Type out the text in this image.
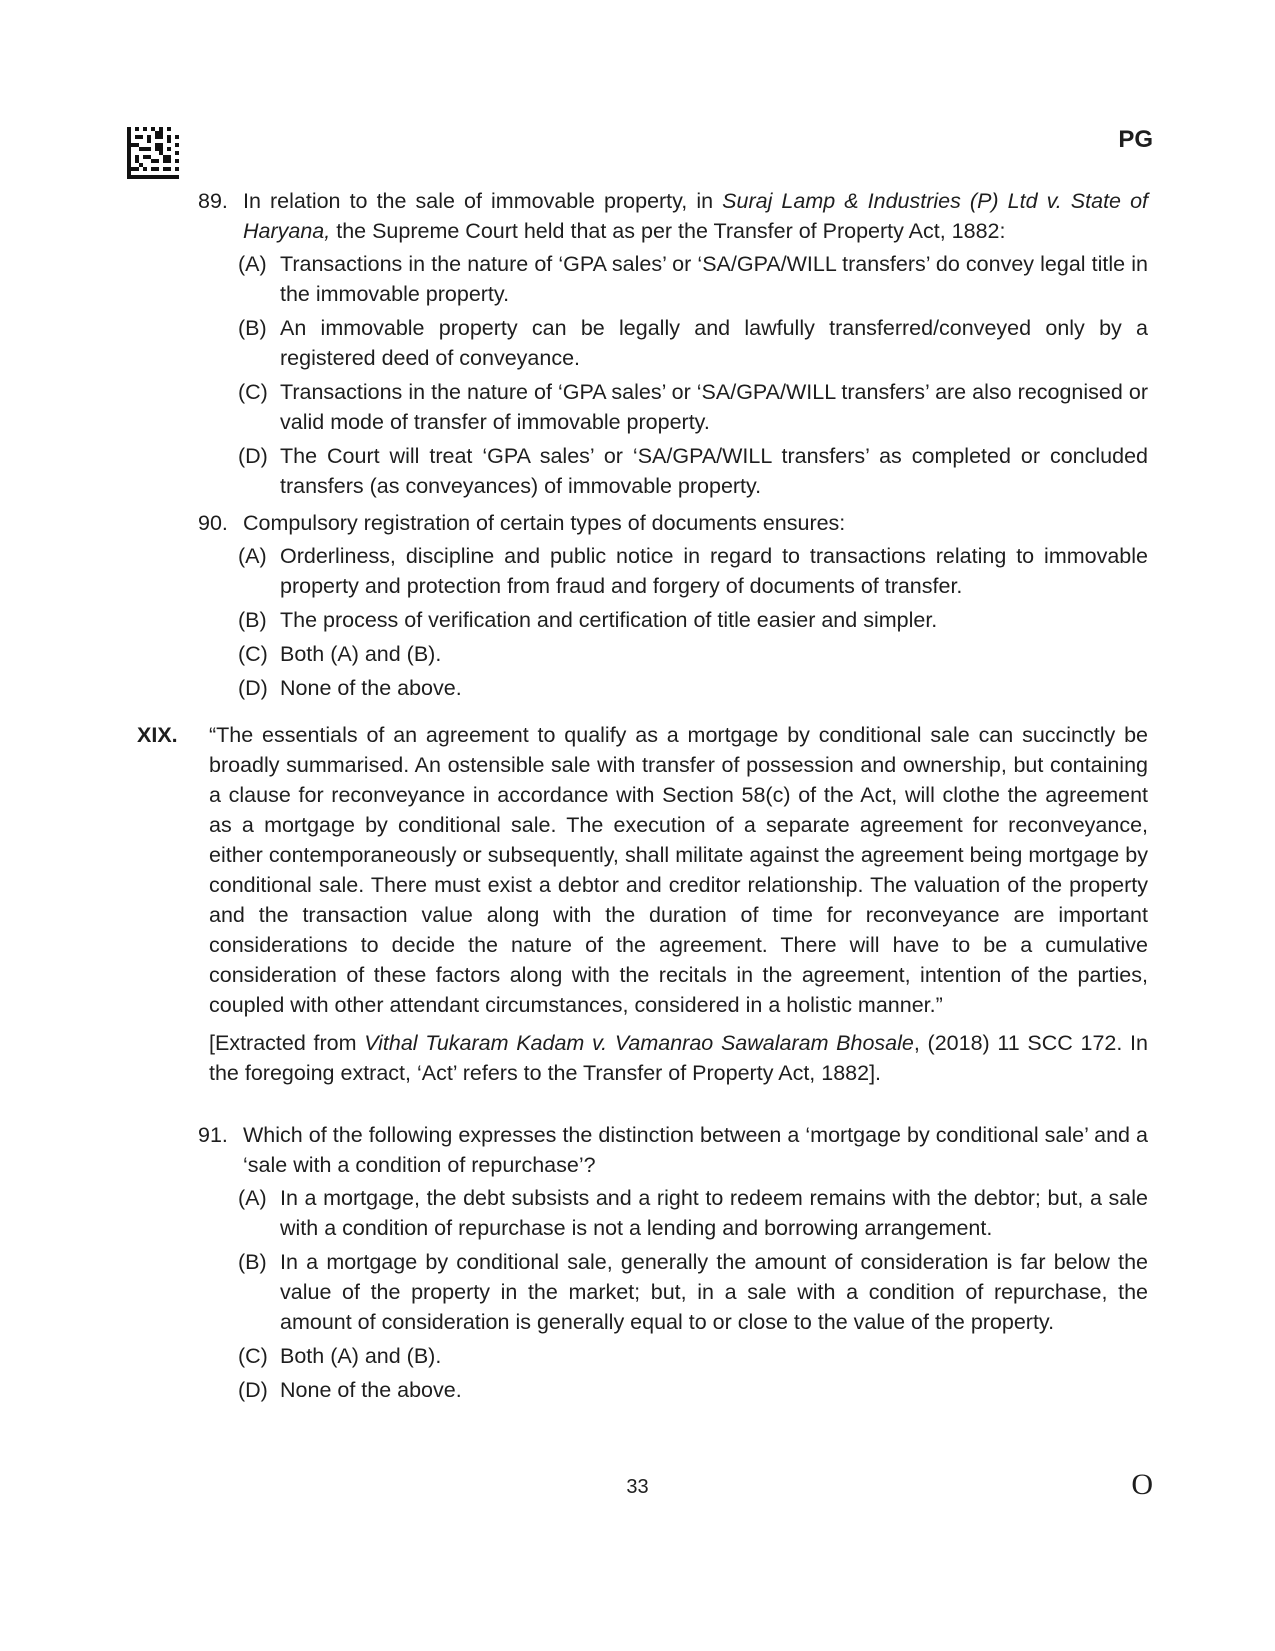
PG
89. In relation to the sale of immovable property, in Suraj Lamp & Industries (P) Ltd v. State of Haryana, the Supreme Court held that as per the Transfer of Property Act, 1882:
(A) Transactions in the nature of ‘GPA sales’ or ‘SA/GPA/WILL transfers’ do convey legal title in the immovable property.
(B) An immovable property can be legally and lawfully transferred/conveyed only by a registered deed of conveyance.
(C) Transactions in the nature of ‘GPA sales’ or ‘SA/GPA/WILL transfers’ are also recognised or valid mode of transfer of immovable property.
(D) The Court will treat ‘GPA sales’ or ‘SA/GPA/WILL transfers’ as completed or concluded transfers (as conveyances) of immovable property.
90. Compulsory registration of certain types of documents ensures:
(A) Orderliness, discipline and public notice in regard to transactions relating to immovable property and protection from fraud and forgery of documents of transfer.
(B) The process of verification and certification of title easier and simpler.
(C) Both (A) and (B).
(D) None of the above.
XIX.	“The essentials of an agreement to qualify as a mortgage by conditional sale can succinctly be broadly summarised. An ostensible sale with transfer of possession and ownership, but containing a clause for reconveyance in accordance with Section 58(c) of the Act, will clothe the agreement as a mortgage by conditional sale. The execution of a separate agreement for reconveyance, either contemporaneously or subsequently, shall militate against the agreement being mortgage by conditional sale. There must exist a debtor and creditor relationship. The valuation of the property and the transaction value along with the duration of time for reconveyance are important considerations to decide the nature of the agreement. There will have to be a cumulative consideration of these factors along with the recitals in the agreement, intention of the parties, coupled with other attendant circumstances, considered in a holistic manner.”
[Extracted from Vithal Tukaram Kadam v. Vamanrao Sawalaram Bhosale, (2018) 11 SCC 172. In the foregoing extract, ‘Act’ refers to the Transfer of Property Act, 1882].
91. Which of the following expresses the distinction between a ‘mortgage by conditional sale’ and a ‘sale with a condition of repurchase’?
(A) In a mortgage, the debt subsists and a right to redeem remains with the debtor; but, a sale with a condition of repurchase is not a lending and borrowing arrangement.
(B) In a mortgage by conditional sale, generally the amount of consideration is far below the value of the property in the market; but, in a sale with a condition of repurchase, the amount of consideration is generally equal to or close to the value of the property.
(C) Both (A) and (B).
(D) None of the above.
33	O
